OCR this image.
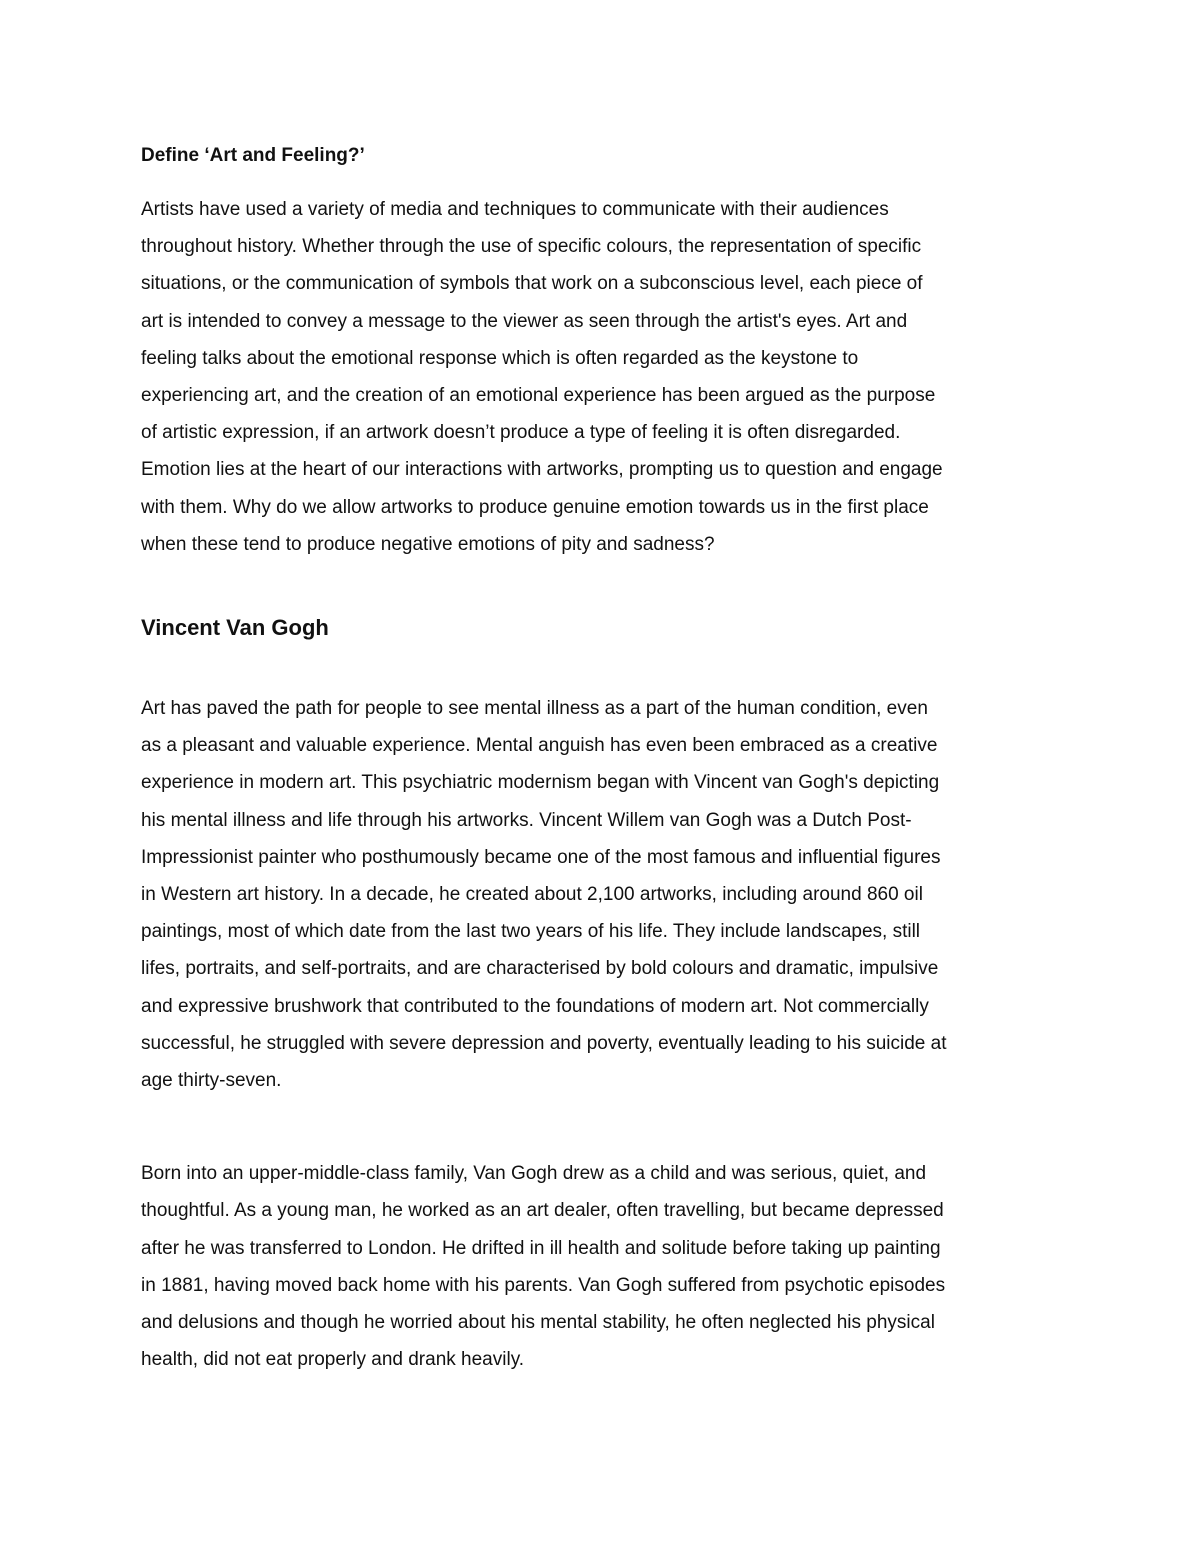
Define ‘Art and Feeling?’
Artists have used a variety of media and techniques to communicate with their audiences
throughout history. Whether through the use of specific colours, the representation of specific
situations, or the communication of symbols that work on a subconscious level, each piece of
art is intended to convey a message to the viewer as seen through the artist's eyes. Art and
feeling talks about the emotional response which is often regarded as the keystone to
experiencing art, and the creation of an emotional experience has been argued as the purpose
of artistic expression, if an artwork doesn’t produce a type of feeling it is often disregarded.
Emotion lies at the heart of our interactions with artworks, prompting us to question and engage
with them. Why do we allow artworks to produce genuine emotion towards us in the first place
when these tend to produce negative emotions of pity and sadness?
Vincent Van Gogh
Art has paved the path for people to see mental illness as a part of the human condition, even
as a pleasant and valuable experience. Mental anguish has even been embraced as a creative
experience in modern art. This psychiatric modernism began with Vincent van Gogh's depicting
his mental illness and life through his artworks. Vincent Willem van Gogh was a Dutch Post-
Impressionist painter who posthumously became one of the most famous and influential figures
in Western art history. In a decade, he created about 2,100 artworks, including around 860 oil
paintings, most of which date from the last two years of his life. They include landscapes, still
lifes, portraits, and self-portraits, and are characterised by bold colours and dramatic, impulsive
and expressive brushwork that contributed to the foundations of modern art. Not commercially
successful, he struggled with severe depression and poverty, eventually leading to his suicide at
age thirty-seven.
Born into an upper-middle-class family, Van Gogh drew as a child and was serious, quiet, and
thoughtful. As a young man, he worked as an art dealer, often travelling, but became depressed
after he was transferred to London. He drifted in ill health and solitude before taking up painting
in 1881, having moved back home with his parents. Van Gogh suffered from psychotic episodes
and delusions and though he worried about his mental stability, he often neglected his physical
health, did not eat properly and drank heavily.
